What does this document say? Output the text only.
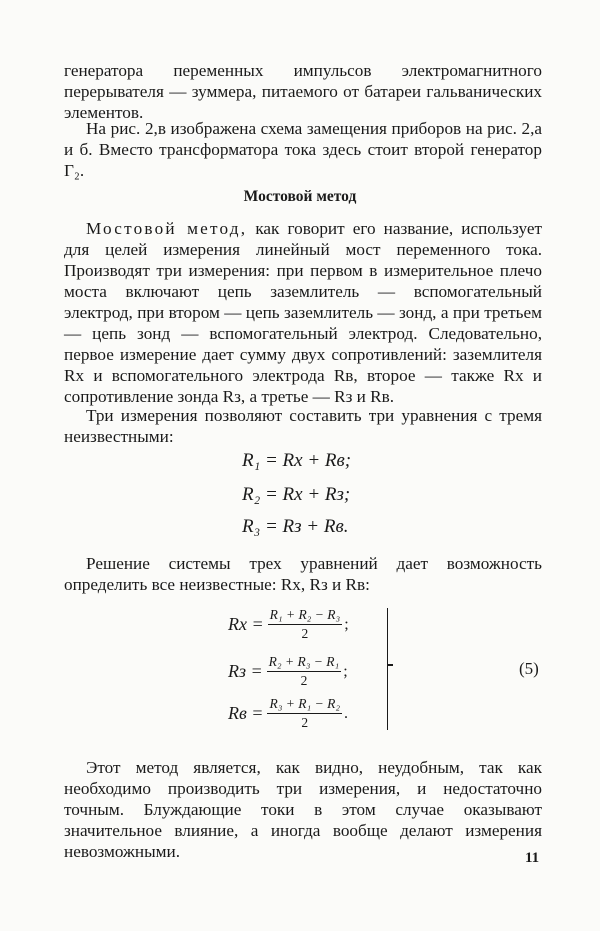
генератора переменных импульсов электромагнитного перерывателя — зуммера, питаемого от батареи гальванических элементов.
На рис. 2,в изображена схема замещения приборов на рис. 2,а и б. Вместо трансформатора тока здесь стоит второй генератор Г₂.
Мостовой метод
Мостовой метод, как говорит его название, использует для целей измерения линейный мост переменного тока. Производят три измерения: при первом в измерительное плечо моста включают цепь заземлитель — вспомогательный электрод, при втором — цепь заземлитель — зонд, а при третьем — цепь зонд — вспомогательный электрод. Следовательно, первое измерение дает сумму двух сопротивлений: заземлителя Rx и вспомогательного электрода Rв, второе — также Rx и сопротивление зонда Rз, а третье — Rз и Rв.
Три измерения позволяют составить три уравнения с тремя неизвестными:
R₁ = Rx + Rв;
R₂ = Rx + Rз;
R₃ = Rз + Rв.
Решение системы трех уравнений дает возможность определить все неизвестные: Rx, Rз и Rв:
$Rx = \frac{\text{R₁ + R₂ − R₃}}{2}$ ;
Rз = $\frac{\text{R₂ + R₃ − R₁}}{2}$ ;
Rв = $\frac{\text{R₃ + R₁ − R₂}}{2}$ .
(5)
Этот метод является, как видно, неудобным, так как необходимо производить три измерения, и недостаточно точным. Блуждающие токи в этом случае оказывают значительное влияние, а иногда вообще делают измерения невозможными.	11
